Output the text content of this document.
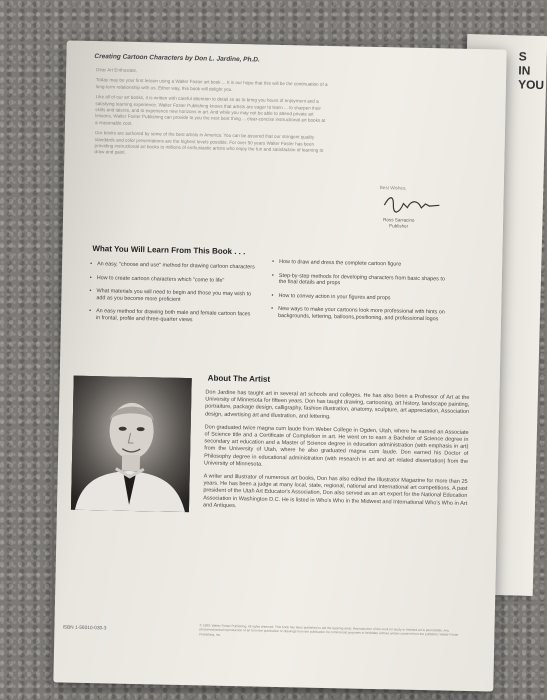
S
IN
YOU
Creating Cartoon Characters by Don L. Jardine, Ph.D.

Dear Art Enthusiast,

Today may be your first lesson using a Walter Foster art book ... It is our hope that this will be the continuation of a long-term relationship with us. Either way, this book will delight you.

Like all of our art books, it is written with careful attention to detail so as to bring you hours of enjoyment and a satisfying learning experience. Walter Foster Publishing knows that artists are eager to learn ... to sharpen their skills and talents, and to experience new horizons in art. And while you may not be able to attend private art lessons, Walter Foster Publishing can provide to you the next best thing ... clear-concise instructional art books at a reasonable cost.

Our books are authored by some of the best artists in America. You can be assured that our stringent quality standards and color presentations are the highest levels possible. For over 50 years Walter Foster has been providing instructional art books to millions of enthusiastic artists who enjoy the fun and satisfaction of learning to draw and paint.

Best Wishes,
Ross Sarracino
Publisher
What You Will Learn From This Book . . .
• An easy, "choose and use" method for drawing cartoon characters
• How to create cartoon characters which "come to life"
• What materials you will need to begin and those you may wish to add as you become more proficient
• An easy method for drawing both male and female cartoon faces in frontal, profile and three-quarter views
• How to draw and dress the complete cartoon figure
• Step-by-step methods for developing characters from basic shapes to the final details and props
• How to convey action in your figures and props
• New ways to make your cartoons look more professional with hints on backgrounds, lettering, balloons,positioning, and professional logos
About The Artist

Don Jardine has taught art in several art schools and colleges. He has also been a Professor of Art at the University of Minnesota for fifteen years. Don has taught drawing, cartooning, art history, landscape painting, portraiture, package design, calligraphy, fashion illustration, anatomy, sculpture, art appreciation, Association design, advertising art and illustration, and lettering.

Don graduated twice magna cum laude from Weber College in Ogden, Utah, where he earned an Associate of Science title and a Certificate of Completion in art. He went on to earn a Bachelor of Science degree in secondary art education and a Master of Science degree in education administration (with emphasis in art) from the University of Utah, where he also graduated magna cum laude. Don earned his Doctor of Philosophy degree in educational administration (with research in art and art related dissertation) from the University of Minnesota.

A writer and illustrator of numerous art books, Don has also edited the Illustrator Magazine for more than 25 years. He has been a judge at many local, state, regional, national and international art competitions. A past president of the Utah Art Educator's Association, Don also served as an art expert for the National Education Association in Washington D.C. He is listed in Who's Who in the Midwest and International Who's Who in Art and Antiques.

ISBN 1-56010-030-3	© 1989, Walter Foster Publishing. All rights reserved. This book has been published to aid the aspiring artist. Reproduction of the work for study or finished art is permissible. Any photomechanical reproduction of art from the publication or drawings from the publication for commercial purposes is forbidden without written consent from the publisher, Walter Foster Publishing, Inc.
